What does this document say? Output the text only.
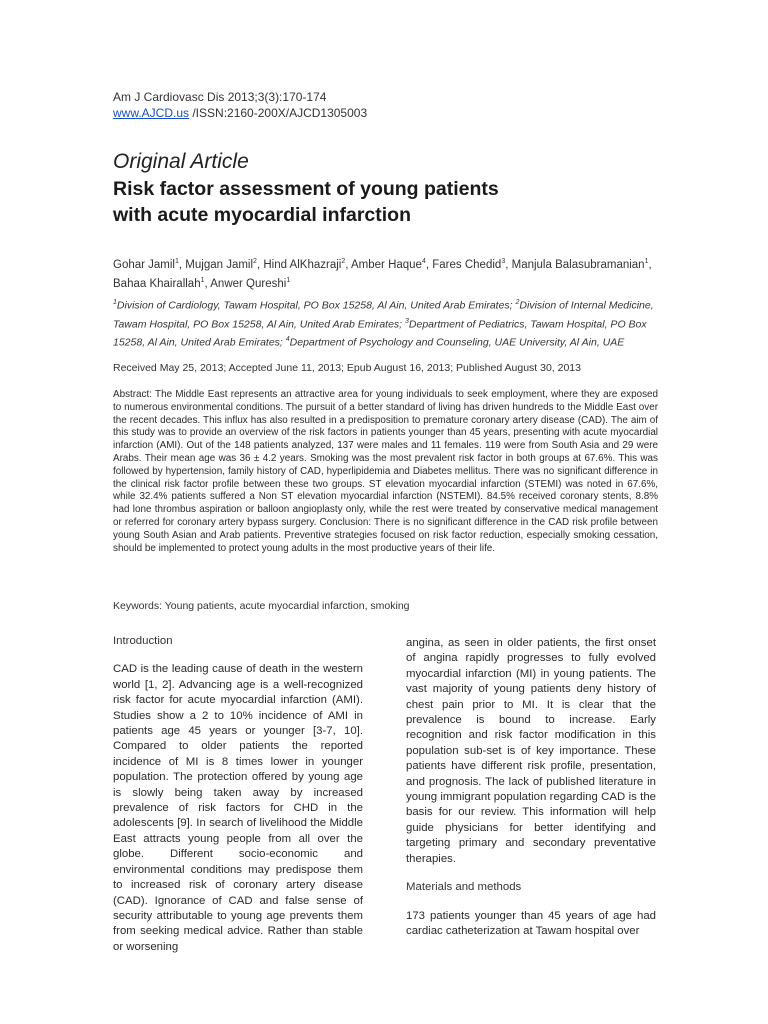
Am J Cardiovasc Dis 2013;3(3):170-174
www.AJCD.us /ISSN:2160-200X/AJCD1305003
Original Article
Risk factor assessment of young patients
with acute myocardial infarction
Gohar Jamil$^1$, Mujgan Jamil$^2$, Hind AlKhazraji$^2$, Amber Haque$^4$, Fares Chedid$^3$, Manjula Balasubramanian$^1$,
Bahaa Khairallah$^1$, Anwer Qureshi$^1$
$^1$Division of Cardiology, Tawam Hospital, PO Box 15258, Al Ain, United Arab Emirates; $^2$Division of Internal Medicine, Tawam Hospital, PO Box 15258, Al Ain, United Arab Emirates; $^3$Department of Pediatrics, Tawam Hospital, PO Box 15258, Al Ain, United Arab Emirates; $^4$Department of Psychology and Counseling, UAE University, Al Ain, UAE
Received May 25, 2013; Accepted June 11, 2013; Epub August 16, 2013; Published August 30, 2013
Abstract: The Middle East represents an attractive area for young individuals to seek employment, where they are exposed to numerous environmental conditions. The pursuit of a better standard of living has driven hundreds to the Middle East over the recent decades. This influx has also resulted in a predisposition to premature coronary artery disease (CAD). The aim of this study was to provide an overview of the risk factors in patients younger than 45 years, presenting with acute myocardial infarction (AMI). Out of the 148 patients analyzed, 137 were males and 11 females. 119 were from South Asia and 29 were Arabs. Their mean age was 36 ± 4.2 years. Smoking was the most prevalent risk factor in both groups at 67.6%. This was followed by hypertension, family history of CAD, hyperlipidemia and Diabetes mellitus. There was no significant difference in the clinical risk factor profile between these two groups. ST elevation myocardial infarction (STEMI) was noted in 67.6%, while 32.4% patients suffered a Non ST elevation myocardial infarction (NSTEMI). 84.5% received coronary stents, 8.8% had lone thrombus aspiration or balloon angioplasty only, while the rest were treated by conservative medical management or referred for coronary artery bypass surgery. Conclusion: There is no significant difference in the CAD risk profile between young South Asian and Arab patients. Preventive strategies focused on risk factor reduction, especially smoking cessation, should be implemented to protect young adults in the most productive years of their life.
Keywords: Young patients, acute myocardial infarction, smoking
Introduction

CAD is the leading cause of death in the western world [1, 2]. Advancing age is a well-recognized risk factor for acute myocardial infarction (AMI). Studies show a 2 to 10% incidence of AMI in patients age 45 years or younger [3-7, 10]. Compared to older patients the reported incidence of MI is 8 times lower in younger population. The protection offered by young age is slowly being taken away by increased prevalence of risk factors for CHD in the adolescents [9]. In search of livelihood the Middle East attracts young people from all over the globe. Different socio-economic and environmental conditions may predispose them to increased risk of coronary artery disease (CAD). Ignorance of CAD and false sense of security attributable to young age prevents them from seeking medical advice. Rather than stable or worsening

angina, as seen in older patients, the first onset of angina rapidly progresses to fully evolved myocardial infarction (MI) in young patients. The vast majority of young patients deny history of chest pain prior to MI. It is clear that the prevalence is bound to increase. Early recognition and risk factor modification in this population sub-set is of key importance. These patients have different risk profile, presentation, and prognosis. The lack of published literature in young immigrant population regarding CAD is the basis for our review. This information will help guide physicians for better identifying and targeting primary and secondary preventative therapies.

Materials and methods

173 patients younger than 45 years of age had cardiac catheterization at Tawam hospital over
